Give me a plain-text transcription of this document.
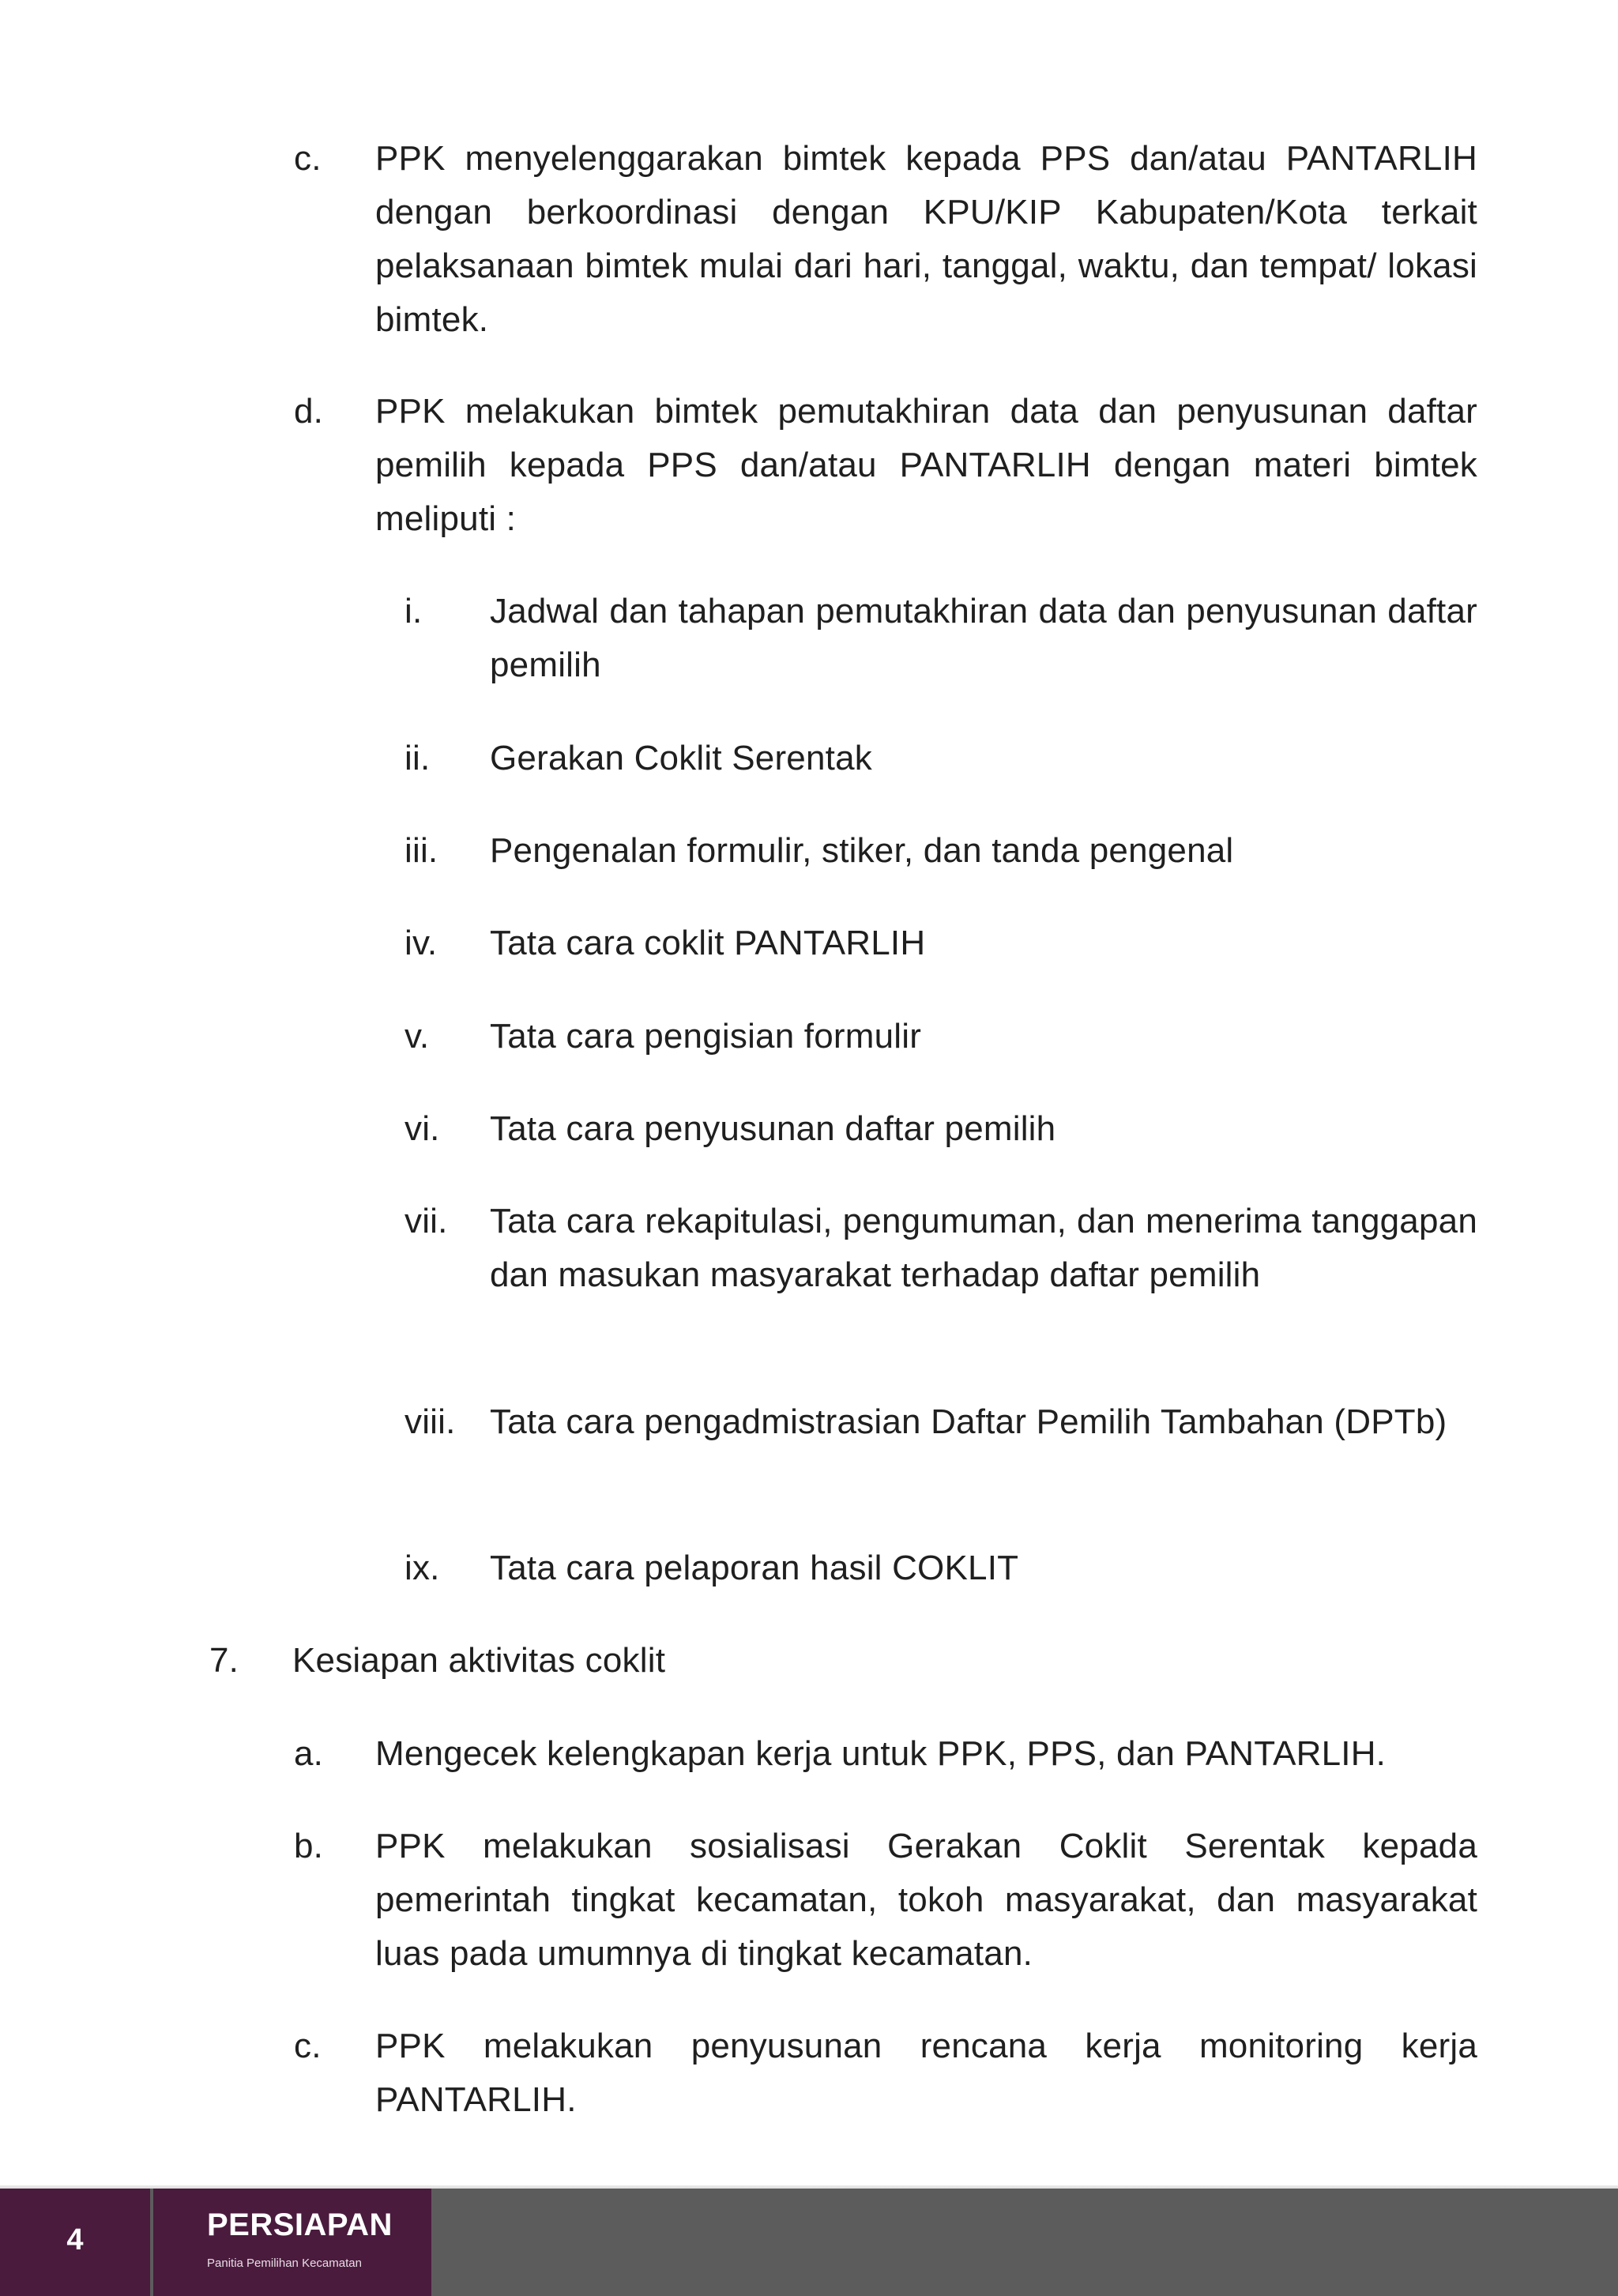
c. PPK menyelenggarakan bimtek kepada PPS dan/atau PANTARLIH dengan berkoordinasi dengan KPU/KIP Kabupaten/Kota terkait pelaksanaan bimtek mulai dari hari, tanggal, waktu, dan tempat/ lokasi bimtek.
d. PPK melakukan bimtek pemutakhiran data dan penyusunan daftar pemilih kepada PPS dan/atau PANTARLIH dengan materi bimtek meliputi :
i. Jadwal dan tahapan pemutakhiran data dan penyusunan daftar pemilih
ii. Gerakan Coklit Serentak
iii. Pengenalan formulir, stiker, dan tanda pengenal
iv. Tata cara coklit PANTARLIH
v. Tata cara pengisian formulir
vi. Tata cara penyusunan daftar pemilih
vii. Tata cara rekapitulasi, pengumuman, dan menerima tanggapan dan masukan masyarakat terhadap daftar pemilih
viii. Tata cara pengadmistrasian Daftar Pemilih Tambahan (DPTb)
ix. Tata cara pelaporan hasil COKLIT
7. Kesiapan aktivitas coklit
a. Mengecek kelengkapan kerja untuk PPK, PPS, dan PANTARLIH.
b. PPK melakukan sosialisasi Gerakan Coklit Serentak kepada pemerintah tingkat kecamatan, tokoh masyarakat, dan masyarakat luas pada umumnya di tingkat kecamatan.
c. PPK melakukan penyusunan rencana kerja monitoring kerja PANTARLIH.
4	PERSIAPAN
Panitia Pemilihan Kecamatan
